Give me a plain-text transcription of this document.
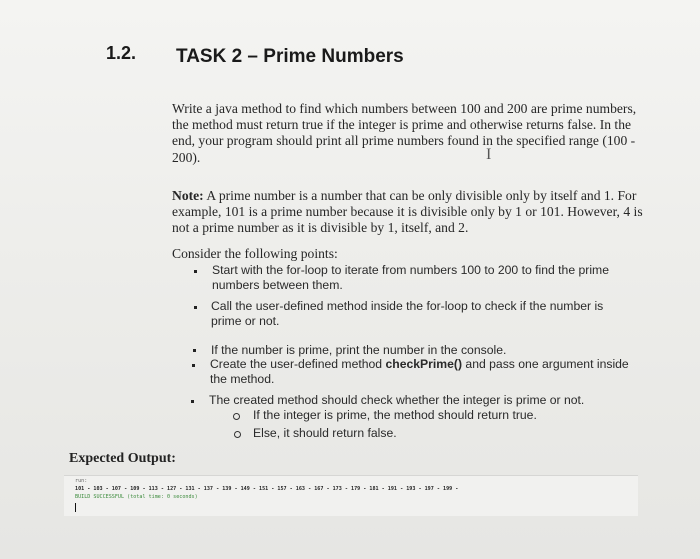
1.2. TASK 2 – Prime Numbers
Write a java method to find which numbers between 100 and 200 are prime numbers, the method must return true if the integer is prime and otherwise returns false. In the end, your program should print all prime numbers found in the specified range (100 - 200).	I
Note: A prime number is a number that can be only divisible only by itself and 1. For example, 101 is a prime number because it is divisible only by 1 or 101. However, 4 is not a prime number as it is divisible by 1, itself, and 2.
Consider the following points:
Start with the for-loop to iterate from numbers 100 to 200 to find the prime numbers between them.
Call the user-defined method inside the for-loop to check if the number is prime or not.
If the number is prime, print the number in the console.
Create the user-defined method checkPrime() and pass one argument inside the method.
The created method should check whether the integer is prime or not.
If the integer is prime, the method should return true.
Else, it should return false.
Expected Output:
run:
101 - 103 - 107 - 109 - 113 - 127 - 131 - 137 - 139 - 149 - 151 - 157 - 163 - 167 - 173 - 179 - 181 - 191 - 193 - 197 - 199 -
BUILD SUCCESSFUL (total time: 0 seconds)
